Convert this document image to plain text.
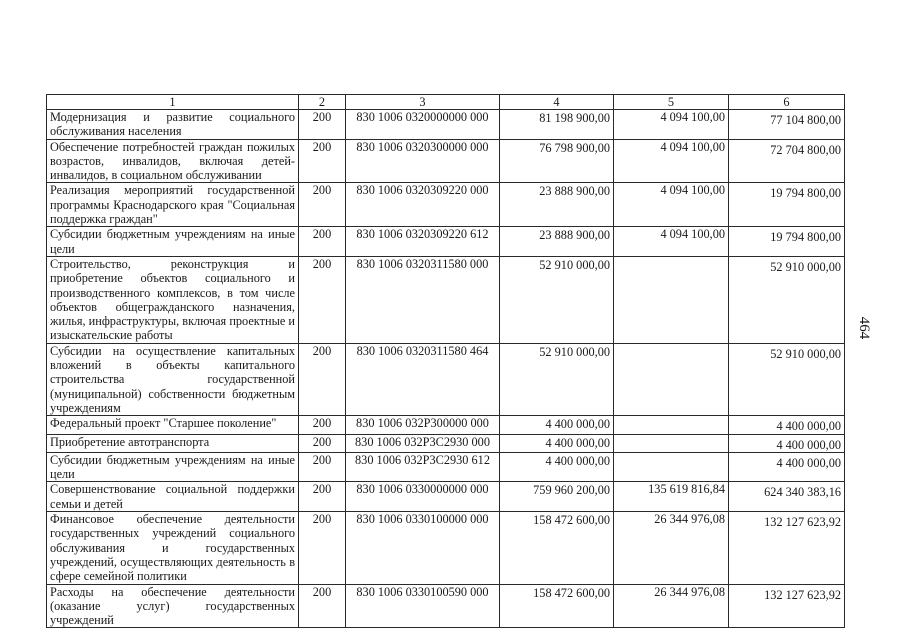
1	2	3	4	5	6
Модернизация и развитие социального обслуживания населения	200	830 1006 0320000000 000	81 198 900,00	4 094 100,00	77 104 800,00
Обеспечение потребностей граждан пожилых возрастов, инвалидов, включая детей-инвалидов, в социальном обслуживании	200	830 1006 0320300000 000	76 798 900,00	4 094 100,00	72 704 800,00
Реализация мероприятий государственной программы Краснодарского края "Социальная поддержка граждан"	200	830 1006 0320309220 000	23 888 900,00	4 094 100,00	19 794 800,00
Субсидии бюджетным учреждениям на иные цели	200	830 1006 0320309220 612	23 888 900,00	4 094 100,00	19 794 800,00
Строительство, реконструкция и приобретение объектов социального и производственного комплексов, в том числе объектов общегражданского назначения, жилья, инфраструктуры, включая проектные и изыскательские работы	200	830 1006 0320311580 000	52 910 000,00		52 910 000,00
Субсидии на осуществление капитальных вложений в объекты капитального строительства государственной (муниципальной) собственности бюджетным учреждениям	200	830 1006 0320311580 464	52 910 000,00		52 910 000,00
Федеральный проект "Старшее поколение"	200	830 1006 032P300000 000	4 400 000,00		4 400 000,00
Приобретение автотранспорта	200	830 1006 032P3C2930 000	4 400 000,00		4 400 000,00
Субсидии бюджетным учреждениям на иные цели	200	830 1006 032P3C2930 612	4 400 000,00		4 400 000,00
Совершенствование социальной поддержки семьи и детей	200	830 1006 0330000000 000	759 960 200,00	135 619 816,84	624 340 383,16
Финансовое обеспечение деятельности государственных учреждений социального обслуживания и государственных учреждений, осуществляющих деятельность в сфере семейной политики	200	830 1006 0330100000 000	158 472 600,00	26 344 976,08	132 127 623,92
Расходы на обеспечение деятельности (оказание услуг) государственных учреждений	200	830 1006 0330100590 000	158 472 600,00	26 344 976,08	132 127 623,92
464
